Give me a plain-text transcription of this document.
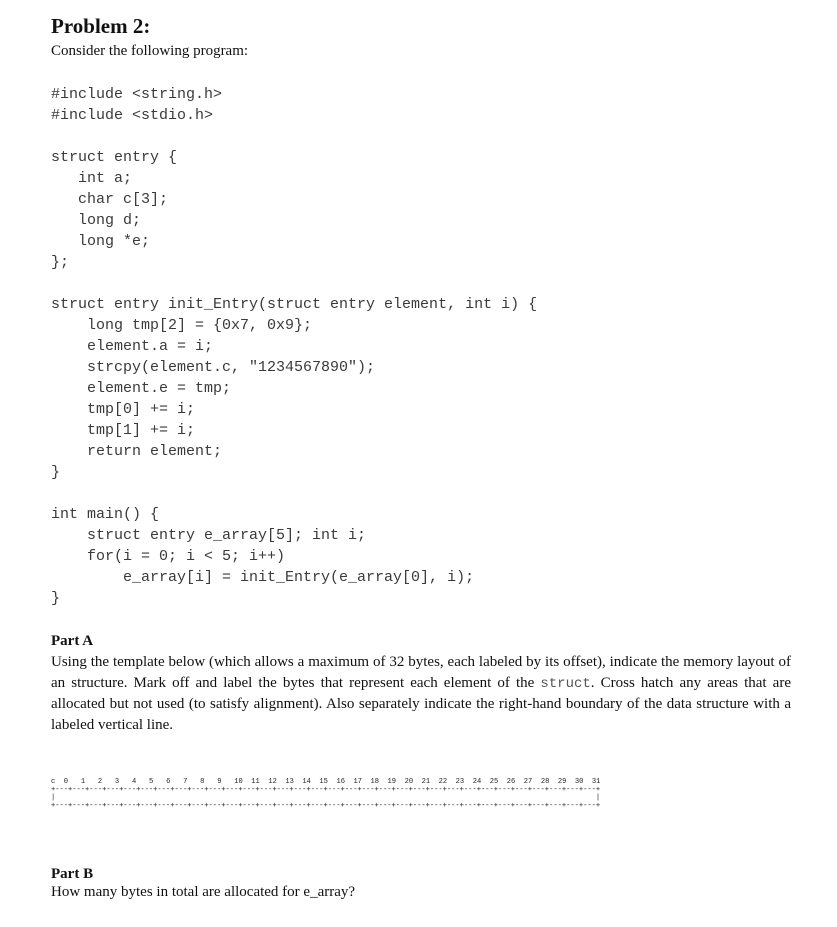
Problem 2:
Consider the following program:
#include <string.h>
#include <stdio.h>

struct entry {
int a;
char c[3];
long d;
long *e;
};

struct entry init_Entry(struct entry element, int i) {
long tmp[2] = {0x7, 0x9};
element.a = i;
strcpy(element.c, "1234567890");
element.e = tmp;
tmp[0] += i;
tmp[1] += i;
return element;
}

int main() {
struct entry e_array[5]; int i;
for(i = 0; i < 5; i++)
e_array[i] = init_Entry(e_array[0], i);
}
Part A
Using the template below (which allows a maximum of 32 bytes, each labeled by its offset), indicate the memory layout of an structure. Mark off and label the bytes that represent each element of the struct. Cross hatch any areas that are allocated but not used (to satisfy alignment). Also separately indicate the right-hand boundary of the data structure with a labeled vertical line.
c 0 1 2 3 4 5 6 7 8 9 10 11 12 13 14 15 16 17 18 19 20 21 22 23 24 25 26 27 28 29 30 31
+---+---+---+---+---+---+---+---+---+---+---+---+---+---+---+---+---+---+---+---+---+---+---+---+---+---+---+---+---+---+---+---+
|                                                                                                                               |
+---+---+---+---+---+---+---+---+---+---+---+---+---+---+---+---+---+---+---+---+---+---+---+---+---+---+---+---+---+---+---+---+
Part B
How many bytes in total are allocated for e_array?
